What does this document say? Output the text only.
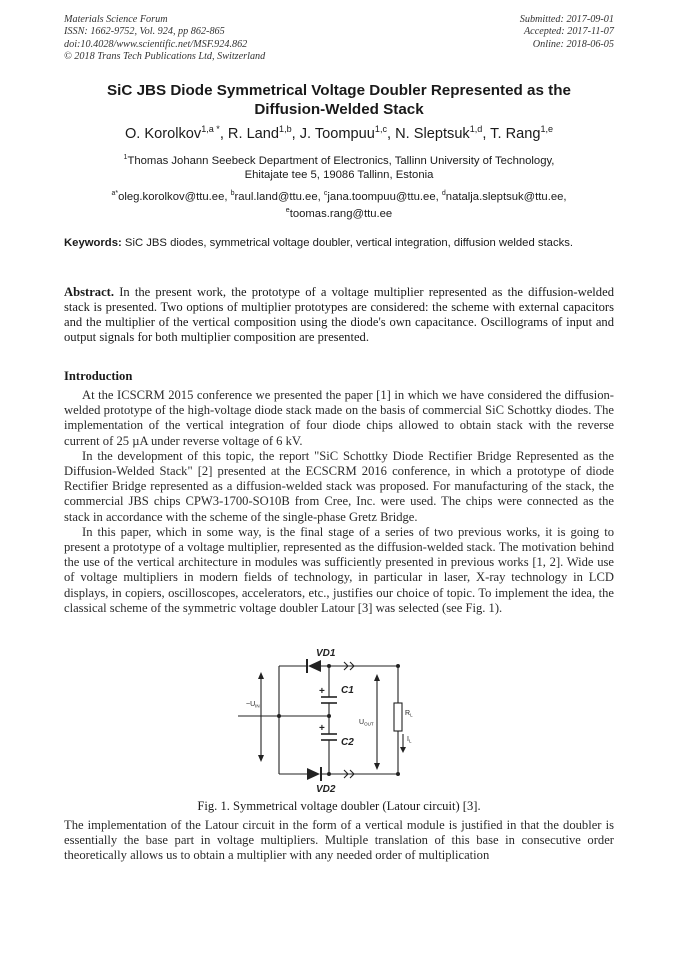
Materials Science Forum
ISSN: 1662-9752, Vol. 924, pp 862-865
doi:10.4028/www.scientific.net/MSF.924.862
© 2018 Trans Tech Publications Ltd, Switzerland
Submitted: 2017-09-01
Accepted: 2017-11-07
Online: 2018-06-05
SiC JBS Diode Symmetrical Voltage Doubler Represented as the
Diffusion-Welded Stack
O. Korolkov$^{1,a *}$, R. Land$^{1,b}$, J. Toompuu$^{1,c}$, N. Sleptsuk$^{1,d}$, T. Rang$^{1,e}$
$^1$Thomas Johann Seebeck Department of Electronics, Tallinn University of Technology,
Ehitajate tee 5, 19086 Tallinn, Estonia
$^{a*}$oleg.korolkov@ttu.ee, $^b$raul.land@ttu.ee, $^c$jana.toompuu@ttu.ee, $^d$natalja.sleptsuk@ttu.ee,
$^e$toomas.rang@ttu.ee
Keywords: SiC JBS diodes, symmetrical voltage doubler, vertical integration, diffusion welded stacks.
Abstract. In the present work, the prototype of a voltage multiplier represented as the diffusion-welded stack is presented. Two options of multiplier prototypes are considered: the scheme with external capacitors and the multiplier of the vertical composition using the diode's own capacitance. Oscillograms of input and output signals for both multiplier composition are presented.
Introduction

At the ICSCRM 2015 conference we presented the paper [1] in which we have considered the diffusion-welded prototype of the high-voltage diode stack made on the basis of commercial SiC Schottky diodes. The implementation of the vertical integration of four diode chips allowed to obtain stack with the reverse current of 25 µA under reverse voltage of 6 kV.

In the development of this topic, the report "SiC Schottky Diode Rectifier Bridge Represented as the Diffusion-Welded Stack" [2] presented at the ECSCRM 2016 conference, in which a prototype of diode Rectifier Bridge represented as a diffusion-welded stack was proposed. For manufacturing of the stack, the commercial JBS chips CPW3-1700-SO10B from Cree, Inc. were used. The chips were connected as the stack in accordance with the scheme of the single-phase Gretz Bridge.

In this paper, which in some way, is the final stage of a series of two previous works, it is going to present a prototype of a voltage multiplier, represented as the diffusion-welded stack. The motivation behind the use of the vertical architecture in modules was sufficiently presented in previous works [1, 2]. Wide use of voltage multipliers in modern fields of technology, in particular in laser, X-ray technology in LCD displays, in copiers, oscilloscopes, accelerators, etc., justifies our choice of topic. To implement the idea, the classical scheme of the symmetric voltage doubler Latour [3] was selected (see Fig. 1).

VD1
VD2
C1
C2
+
+
$\sim U_{IN}$
$U_{OUT}$
$R_L$
$I_L$
Fig. 1. Symmetrical voltage doubler (Latour circuit) [3].

The implementation of the Latour circuit in the form of a vertical module is justified in that the doubler is essentially the base part in voltage multipliers. Multiple translation of this base in consecutive order theoretically allows us to obtain a multiplier with any needed order of multiplication
